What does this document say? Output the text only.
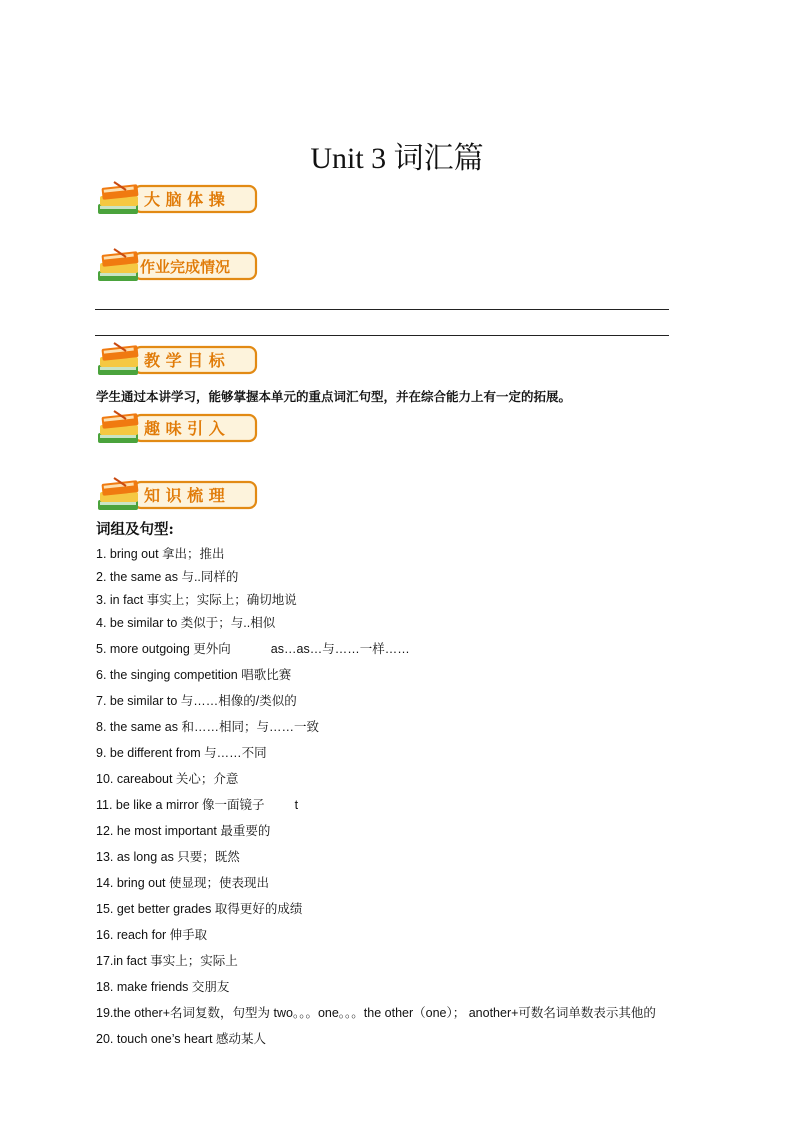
Unit 3 词汇篇
大 脑 体 操
作业完成情况
教 学 目 标
学生通过本讲学习，能够掌握本单元的重点词汇句型，并在综合能力上有一定的拓展。
趣 味 引 入
知 识 梳 理
词组及句型:
1. bring out 拿出；推出
2. the same as 与..同样的
3. in fact 事实上；实际上；确切地说
4. be similar to 类似于；与..相似
5. more outgoing 更外向	as…as…与……一样……
6. the singing competition 唱歌比赛
7. be similar to 与……相像的/类似的
8. the same as 和……相同；与……一致
9. be different from 与……不同
10. careabout 关心；介意
11. be like a mirror 像一面镜子 t
12. he most important 最重要的
13. as long as 只要；既然
14. bring out 使显现；使表现出
15. get better grades 取得更好的成绩
16. reach for 伸手取
17.in fact 事实上；实际上
18. make friends 交朋友
19.the other+名词复数，句型为 two。。。one。。。the other（one）； another+可数名词单数表示其他的
20. touch one’s heart 感动某人
